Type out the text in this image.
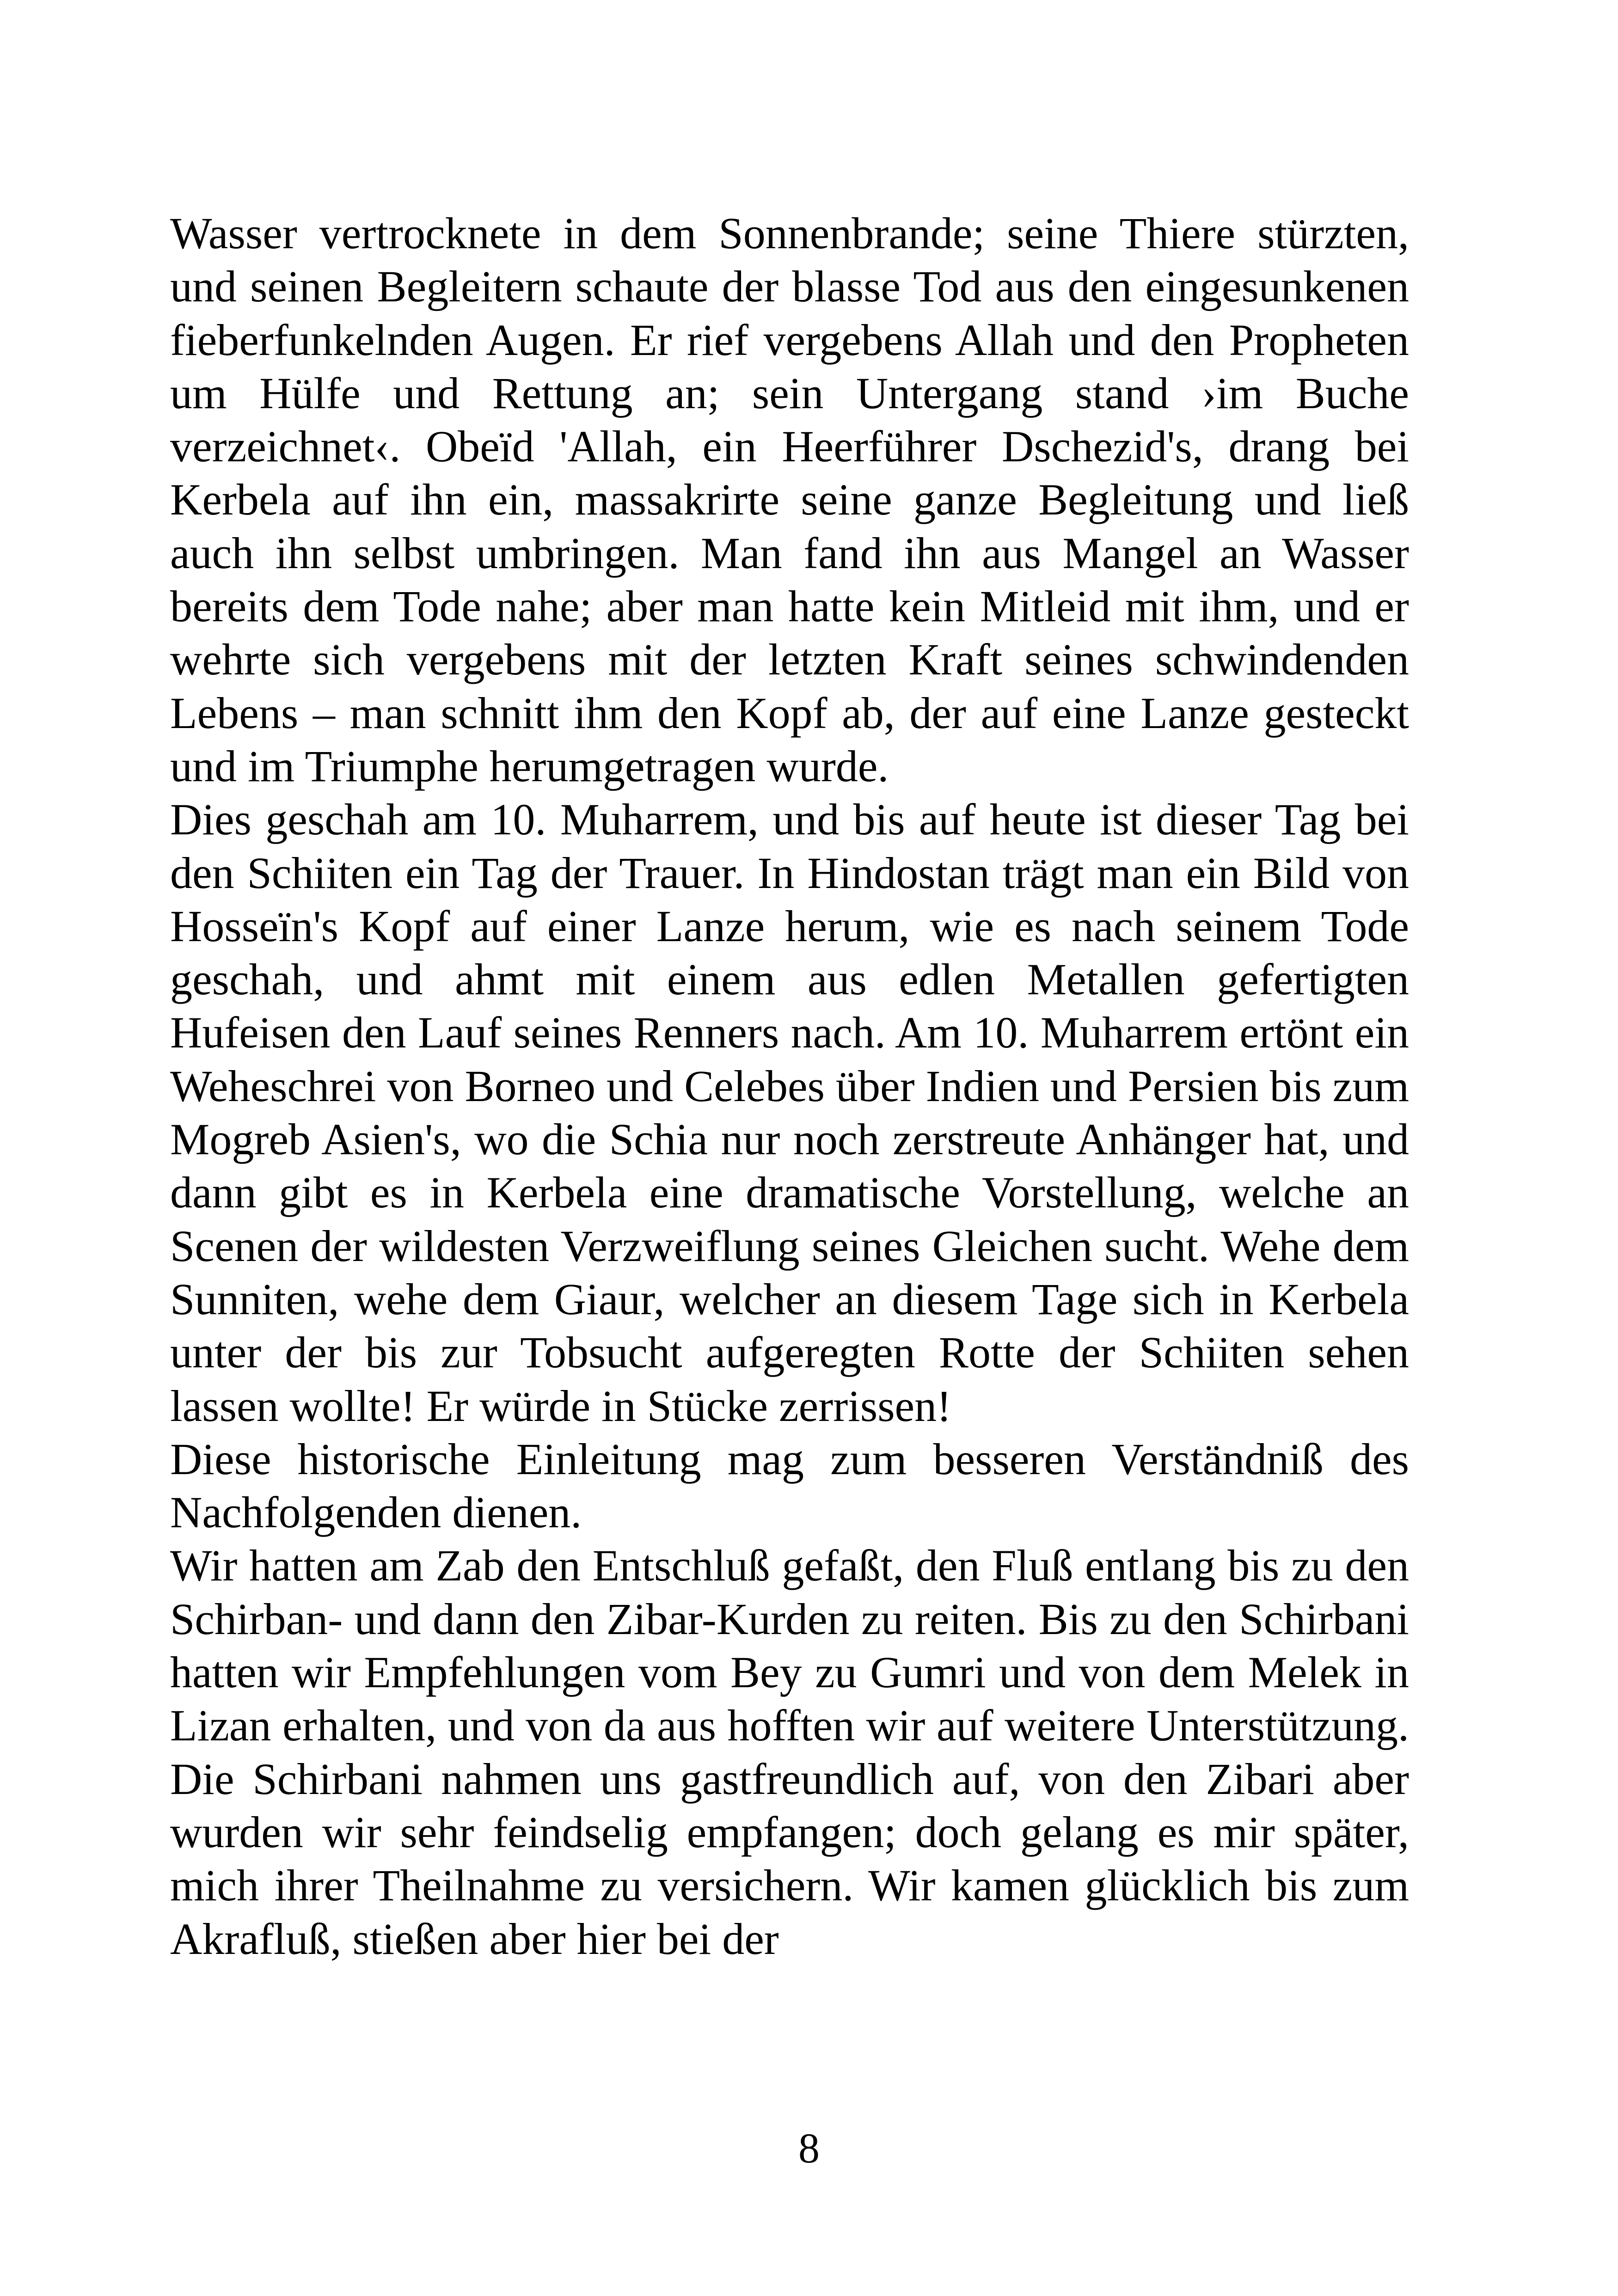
Wasser vertrocknete in dem Sonnenbrande; seine Thiere stürzten, und seinen Begleitern schaute der blasse Tod aus den eingesunkenen fieberfunkelnden Augen. Er rief vergebens Allah und den Propheten um Hülfe und Rettung an; sein Untergang stand ›im Buche verzeichnet‹. Obeïd 'Allah, ein Heerführer Dschezid's, drang bei Kerbela auf ihn ein, massakrirte seine ganze Begleitung und ließ auch ihn selbst umbringen. Man fand ihn aus Mangel an Wasser bereits dem Tode nahe; aber man hatte kein Mitleid mit ihm, und er wehrte sich vergebens mit der letzten Kraft seines schwindenden Lebens – man schnitt ihm den Kopf ab, der auf eine Lanze gesteckt und im Triumphe herumgetragen wurde.

Dies geschah am 10. Muharrem, und bis auf heute ist dieser Tag bei den Schiiten ein Tag der Trauer. In Hindostan trägt man ein Bild von Hosseïn's Kopf auf einer Lanze herum, wie es nach seinem Tode geschah, und ahmt mit einem aus edlen Metallen gefertigten Hufeisen den Lauf seines Renners nach. Am 10. Muharrem ertönt ein Weheschrei von Borneo und Celebes über Indien und Persien bis zum Mogreb Asien's, wo die Schia nur noch zerstreute Anhänger hat, und dann gibt es in Kerbela eine dramatische Vorstellung, welche an Scenen der wildesten Verzweiflung seines Gleichen sucht. Wehe dem Sunniten, wehe dem Giaur, welcher an diesem Tage sich in Kerbela unter der bis zur Tobsucht aufgeregten Rotte der Schiiten sehen lassen wollte! Er würde in Stücke zerrissen!

Diese historische Einleitung mag zum besseren Verständniß des Nachfolgenden dienen.

Wir hatten am Zab den Entschluß gefaßt, den Fluß entlang bis zu den Schirban- und dann den Zibar-Kurden zu reiten. Bis zu den Schirbani hatten wir Empfehlungen vom Bey zu Gumri und von dem Melek in Lizan erhalten, und von da aus hofften wir auf weitere Unterstützung. Die Schirbani nahmen uns gastfreundlich auf, von den Zibari aber wurden wir sehr feindselig empfangen; doch gelang es mir später, mich ihrer Theilnahme zu versichern. Wir kamen glücklich bis zum Akrafluß, stießen aber hier bei der

8
